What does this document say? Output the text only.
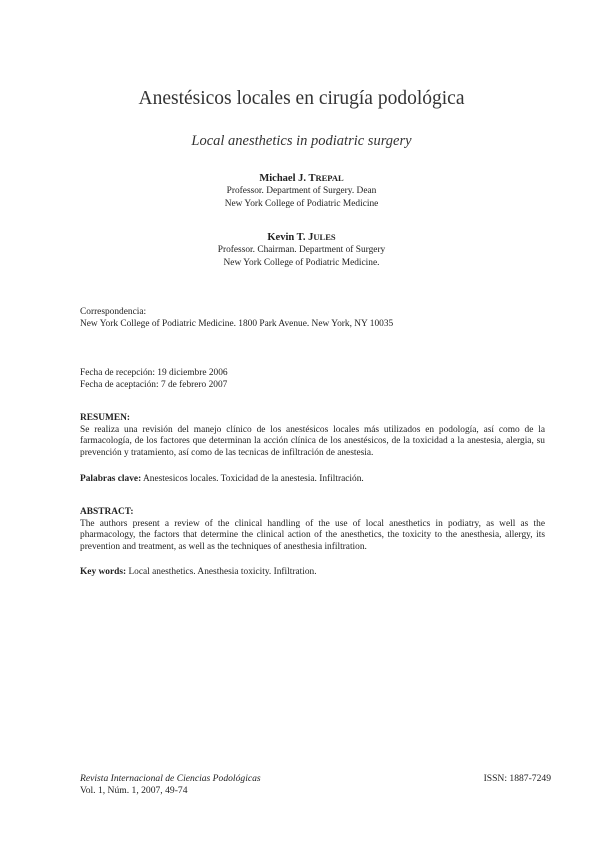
Anestésicos locales en cirugía podológica
Local anesthetics in podiatric surgery
Michael J. TREPAL
Professor. Department of Surgery. Dean
New York College of Podiatric Medicine
Kevin T. JULES
Professor. Chairman. Department of Surgery
New York College of Podiatric Medicine.
Correspondencia:
New York College of Podiatric Medicine. 1800 Park Avenue. New York, NY 10035
Fecha de recepción: 19 diciembre 2006
Fecha de aceptación: 7 de febrero 2007
RESUMEN:
Se realiza una revisión del manejo clínico de los anestésicos locales más utilizados en podología, así como de la farmacología, de los factores que determinan la acción clínica de los anestésicos, de la toxicidad a la anestesia, alergia, su prevención y tratamiento, así como de las tecnicas de infiltración de anestesia.
Palabras clave: Anestesicos locales. Toxicidad de la anestesia. Infiltración.
ABSTRACT:
The authors present a review of the clinical handling of the use of local anesthetics in podiatry, as well as the pharmacology, the factors that determine the clinical action of the anesthetics, the toxicity to the anesthesia, allergy, its prevention and treatment, as well as the techniques of anesthesia infiltration.
Key words: Local anesthetics. Anesthesia toxicity. Infiltration.
Revista Internacional de Ciencias Podológicas
Vol. 1, Núm. 1, 2007, 49-74
ISSN: 1887-7249
